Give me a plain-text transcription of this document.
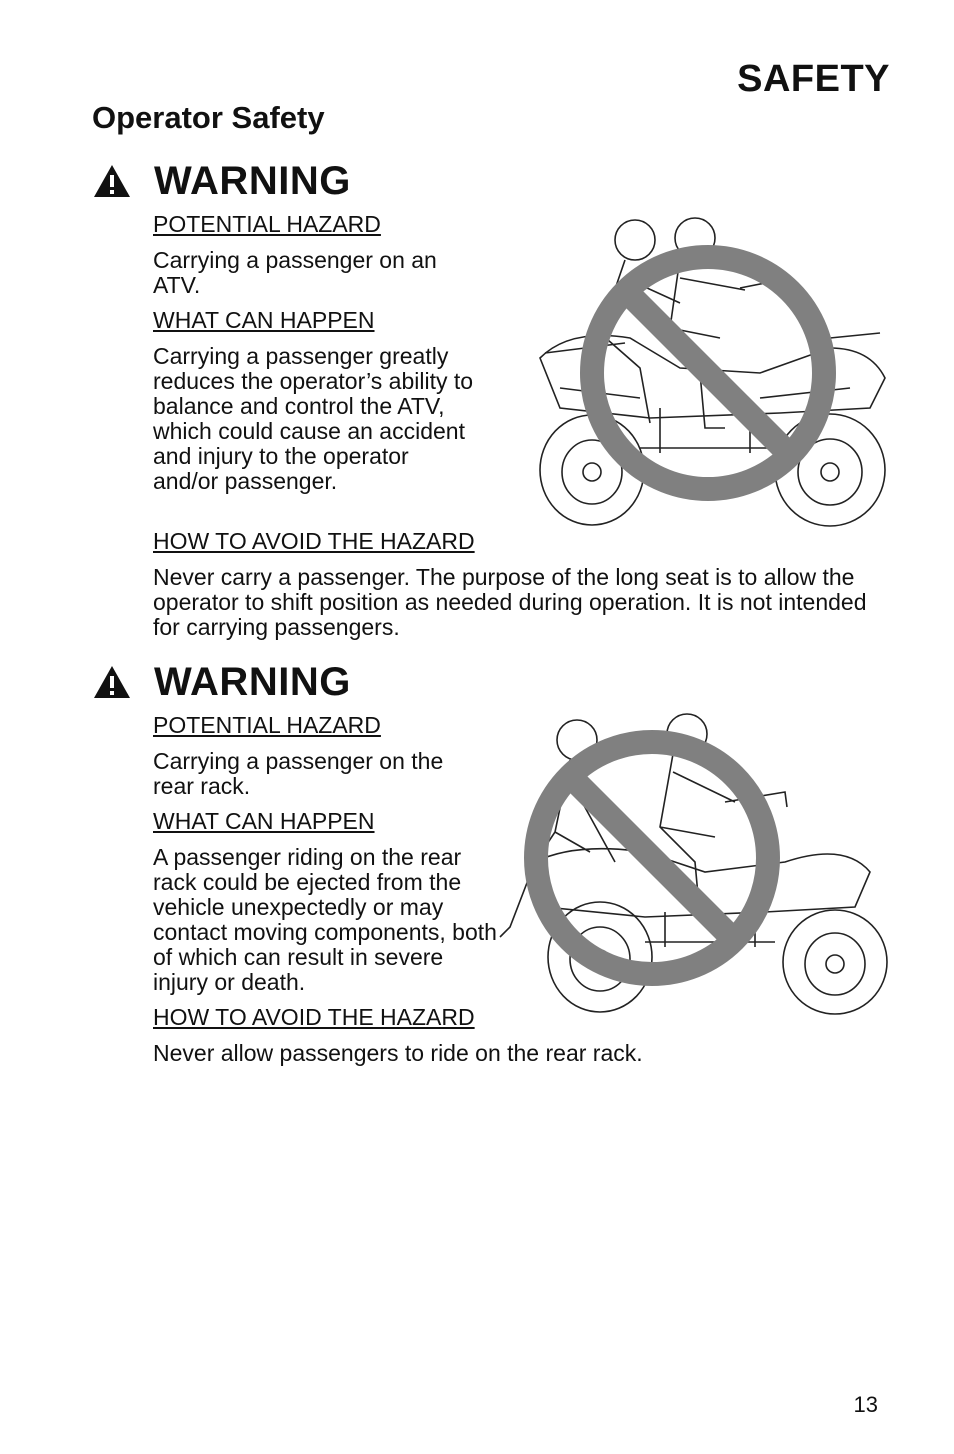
SAFETY
Operator Safety
WARNING
POTENTIAL HAZARD
Carrying a passenger on an ATV.
WHAT CAN HAPPEN
Carrying a passenger greatly reduces the operator’s ability to balance and control the ATV, which could cause an accident and injury to the operator and/or passenger.
HOW TO AVOID THE HAZARD
Never carry a passenger. The purpose of the long seat is to allow the operator to shift position as needed during operation. It is not intended for carrying passengers.
WARNING
POTENTIAL HAZARD
Carrying a passenger on the rear rack.
WHAT CAN HAPPEN
A passenger riding on the rear rack could be ejected from the vehicle unexpectedly or may contact moving components, both of which can result in severe injury or death.
HOW TO AVOID THE HAZARD
Never allow passengers to ride on the rear rack.
13
